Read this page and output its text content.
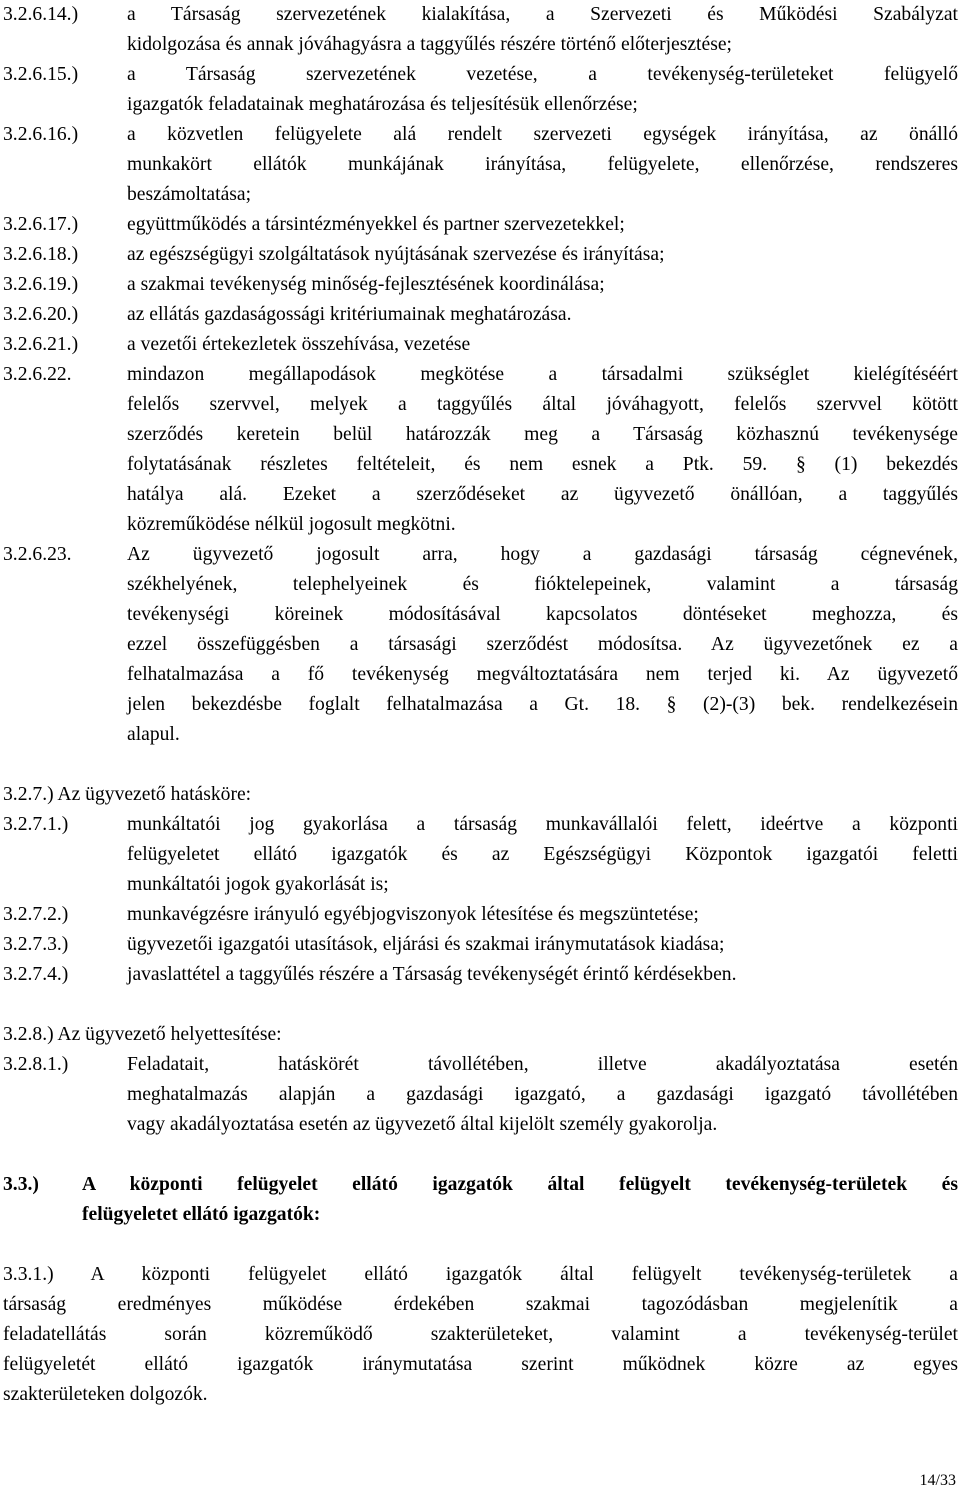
3.2.6.14.) a Társaság szervezetének kialakítása, a Szervezeti és Működési Szabályzat
kidolgozása és annak jóváhagyásra a taggyűlés részére történő előterjesztése;
3.2.6.15.) a Társaság szervezetének vezetése, a tevékenység-területeket felügyelő
igazgatók feladatainak meghatározása és teljesítésük ellenőrzése;
3.2.6.16.) a közvetlen felügyelete alá rendelt szervezeti egységek irányítása, az önálló
munkakört ellátók munkájának irányítása, felügyelete, ellenőrzése, rendszeres
beszámoltatása;
3.2.6.17.) együttműködés a társintézményekkel és partner szervezetekkel;
3.2.6.18.) az egészségügyi szolgáltatások nyújtásának szervezése és irányítása;
3.2.6.19.) a szakmai tevékenység minőség-fejlesztésének koordinálása;
3.2.6.20.) az ellátás gazdaságossági kritériumainak meghatározása.
3.2.6.21.) a vezetői értekezletek összehívása, vezetése
3.2.6.22.	mindazon megállapodások megkötése a társadalmi szükséglet kielégítéséért
felelős szervvel, melyek a taggyűlés által jóváhagyott, felelős szervvel kötött
szerződés keretein belül határozzák meg a Társaság közhasznú tevékenysége
folytatásának részletes feltételeit, és nem esnek a Ptk. 59. § (1) bekezdés
hatálya alá. Ezeket a szerződéseket az ügyvezető önállóan, a taggyűlés
közreműködése nélkül jogosult megkötni.
3.2.6.23.	Az ügyvezető jogosult arra, hogy a gazdasági társaság cégnevének,
székhelyének, telephelyeinek és fióktelepeinek, valamint a társaság
tevékenységi köreinek módosításával kapcsolatos döntéseket meghozza, és
ezzel összefüggésben a társasági szerződést módosítsa. Az ügyvezetőnek ez a
felhatalmazása a fő tevékenység megváltoztatására nem terjed ki. Az ügyvezető
jelen bekezdésbe foglalt felhatalmazása a Gt. 18. § (2)-(3) bek. rendelkezésein
alapul.
3.2.7.) Az ügyvezető hatásköre:
3.2.7.1.)	munkáltatói jog gyakorlása a társaság munkavállalói felett, ideértve a központi
felügyeletet ellátó igazgatók és az Egészségügyi Központok igazgatói feletti
munkáltatói jogok gyakorlását is;
3.2.7.2.)	munkavégzésre irányuló egyébjogviszonyok létesítése és megszüntetése;
3.2.7.3.)	ügyvezetői igazgatói utasítások, eljárási és szakmai iránymutatások kiadása;
3.2.7.4.)	javaslattétel a taggyűlés részére a Társaság tevékenységét érintő kérdésekben.
3.2.8.) Az ügyvezető helyettesítése:
3.2.8.1.)	Feladatait, hatáskörét távollétében, illetve akadályoztatása esetén
meghatalmazás alapján a gazdasági igazgató, a gazdasági igazgató távollétében
vagy akadályoztatása esetén az ügyvezető által kijelölt személy gyakorolja.
3.3.) A központi felügyelet ellátó igazgatók által felügyelt tevékenység-területek és
felügyeletet ellátó igazgatók:
3.3.1.) A központi felügyelet ellátó igazgatók által felügyelt tevékenység-területek a
társaság eredményes működése érdekében szakmai tagozódásban megjelenítik a
feladatellátás során közreműködő szakterületeket, valamint a tevékenység-terület
felügyeletét ellátó igazgatók iránymutatása szerint működnek közre az egyes
szakterületeken dolgozók.
14/33
